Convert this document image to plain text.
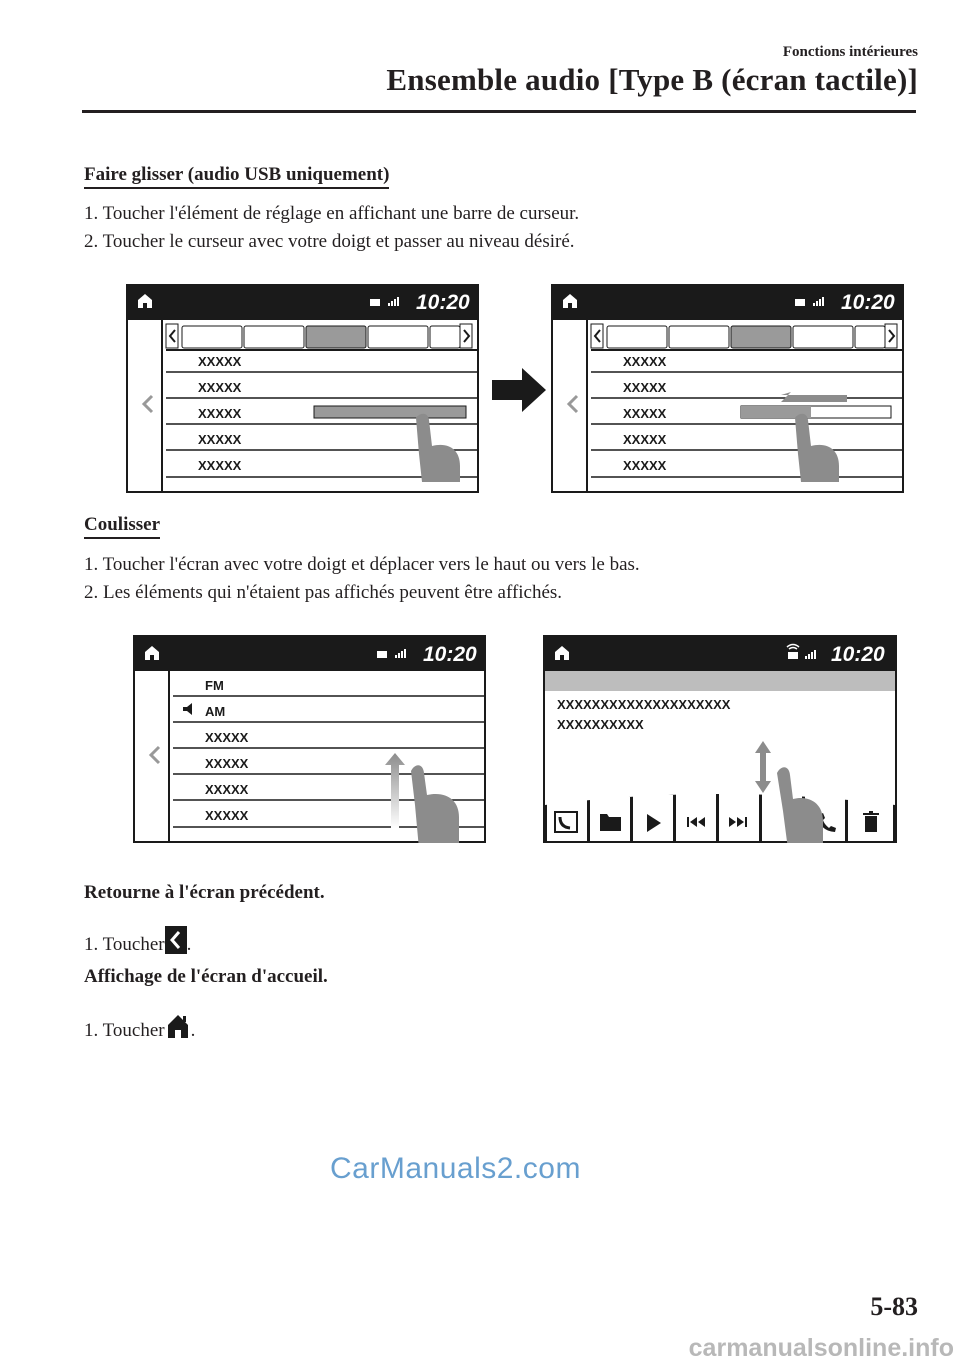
Fonctions intérieures
Ensemble audio [Type B (écran tactile)]
Faire glisser (audio USB uniquement)
1. Toucher l'élément de réglage en affichant une barre de curseur.
2. Toucher le curseur avec votre doigt et passer au niveau désiré.
10:20
XXXXX
XXXXX
XXXXX
XXXXX
XXXXX
10:20
XXXXX
XXXXX
XXXXX
XXXXX
XXXXX
Coulisser
1. Toucher l'écran avec votre doigt et déplacer vers le haut ou vers le bas.
2. Les éléments qui n'étaient pas affichés peuvent être affichés.
10:20
FM
AM
XXXXX
XXXXX
XXXXX
XXXXX
10:20
XXXXXXXXXXXXXXXXXXXX
XXXXXXXXXX
Retourne à l'écran précédent.
1. Toucher .
Affichage de l'écran d'accueil.
1. Toucher .
CarManuals2.com
5-83
carmanualsonline.info
